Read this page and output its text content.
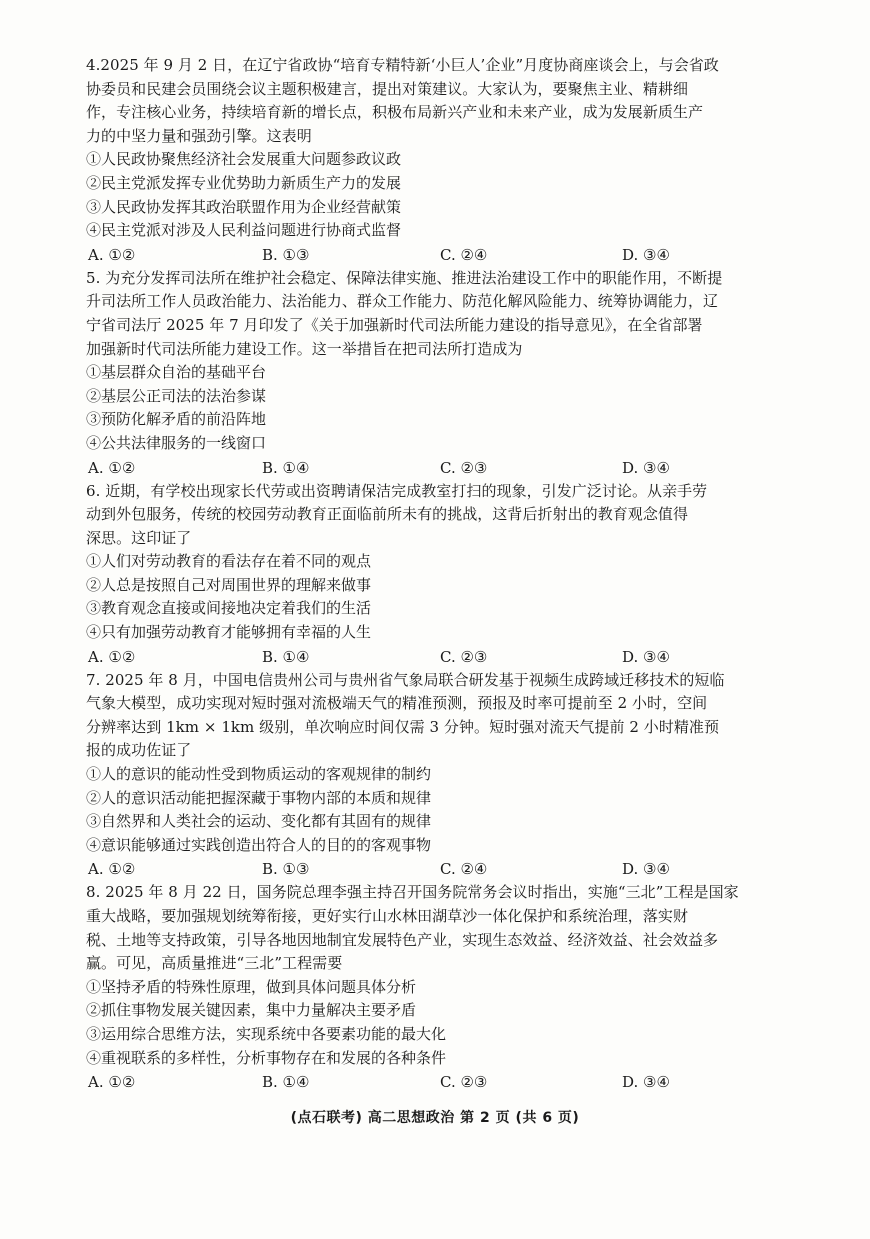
4.2025 年 9 月 2 日，在辽宁省政协“培育专精特新‘小巨人’企业”月度协商座谈会上，与会省政
协委员和民建会员围绕会议主题积极建言，提出对策建议。大家认为，要聚焦主业、精耕细
作，专注核心业务，持续培育新的增长点，积极布局新兴产业和未来产业，成为发展新质生产
力的中坚力量和强劲引擎。这表明
①人民政协聚焦经济社会发展重大问题参政议政
②民主党派发挥专业优势助力新质生产力的发展
③人民政协发挥其政治联盟作用为企业经营献策
④民主党派对涉及人民利益问题进行协商式监督
A. ①②	B. ①③	C. ②④	D. ③④
5. 为充分发挥司法所在维护社会稳定、保障法律实施、推进法治建设工作中的职能作用，不断提
升司法所工作人员政治能力、法治能力、群众工作能力、防范化解风险能力、统筹协调能力，辽
宁省司法厅 2025 年 7 月印发了《关于加强新时代司法所能力建设的指导意见》，在全省部署
加强新时代司法所能力建设工作。这一举措旨在把司法所打造成为
①基层群众自治的基础平台
②基层公正司法的法治参谋
③预防化解矛盾的前沿阵地
④公共法律服务的一线窗口
A. ①②	B. ①④	C. ②③	D. ③④
6. 近期，有学校出现家长代劳或出资聘请保洁完成教室打扫的现象，引发广泛讨论。从亲手劳
动到外包服务，传统的校园劳动教育正面临前所未有的挑战，这背后折射出的教育观念值得
深思。这印证了
①人们对劳动教育的看法存在着不同的观点
②人总是按照自己对周围世界的理解来做事
③教育观念直接或间接地决定着我们的生活
④只有加强劳动教育才能够拥有幸福的人生
A. ①②	B. ①④	C. ②③	D. ③④
7. 2025 年 8 月，中国电信贵州公司与贵州省气象局联合研发基于视频生成跨域迁移技术的短临
气象大模型，成功实现对短时强对流极端天气的精准预测，预报及时率可提前至 2 小时，空间
分辨率达到 1km × 1km 级别，单次响应时间仅需 3 分钟。短时强对流天气提前 2 小时精准预
报的成功佐证了
①人的意识的能动性受到物质运动的客观规律的制约
②人的意识活动能把握深藏于事物内部的本质和规律
③自然界和人类社会的运动、变化都有其固有的规律
④意识能够通过实践创造出符合人的目的的客观事物
A. ①②	B. ①③	C. ②④	D. ③④
8. 2025 年 8 月 22 日，国务院总理李强主持召开国务院常务会议时指出，实施“三北”工程是国家
重大战略，要加强规划统筹衔接，更好实行山水林田湖草沙一体化保护和系统治理，落实财
税、土地等支持政策，引导各地因地制宜发展特色产业，实现生态效益、经济效益、社会效益多
赢。可见，高质量推进“三北”工程需要
①坚持矛盾的特殊性原理，做到具体问题具体分析
②抓住事物发展关键因素，集中力量解决主要矛盾
③运用综合思维方法，实现系统中各要素功能的最大化
④重视联系的多样性，分析事物存在和发展的各种条件
A. ①②	B. ①④	C. ②③	D. ③④
(点石联考) 高二思想政治 第 2 页 (共 6 页)
